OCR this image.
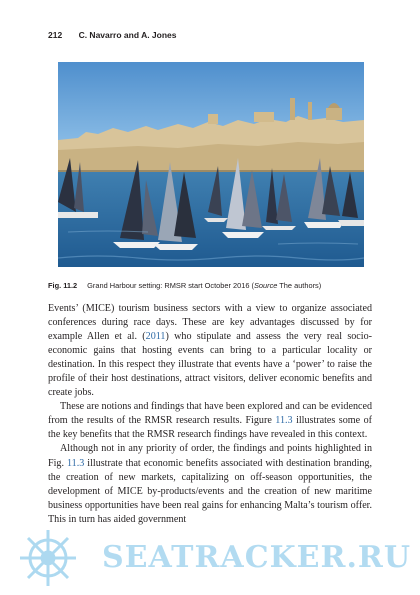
212 C. Navarro and A. Jones
Fig. 11.2 Grand Harbour setting: RMSR start October 2016 (Source The authors)

Events’ (MICE) tourism business sectors with a view to organize associated conferences during race days. These are key advantages discussed by for example Allen et al. (2011) who stipulate and assess the very real socio-economic gains that hosting events can bring to a particular locality or destination. In this respect they illustrate that events have a ‘power’ to raise the profile of their host destinations, attract visitors, deliver economic benefits and create jobs.

These are notions and findings that have been explored and can be evidenced from the results of the RMSR research results. Figure 11.3 illustrates some of the key benefits that the RMSR research findings have revealed in this context.

Although not in any priority of order, the findings and points highlighted in Fig. 11.3 illustrate that economic benefits associated with destination branding, the creation of new markets, capitalizing on off-season opportunities, the development of MICE by-products/events and the creation of new maritime business opportunities have been real gains for enhancing Malta’s tourism offer. This in turn has aided government

SEATRACKER.RU
